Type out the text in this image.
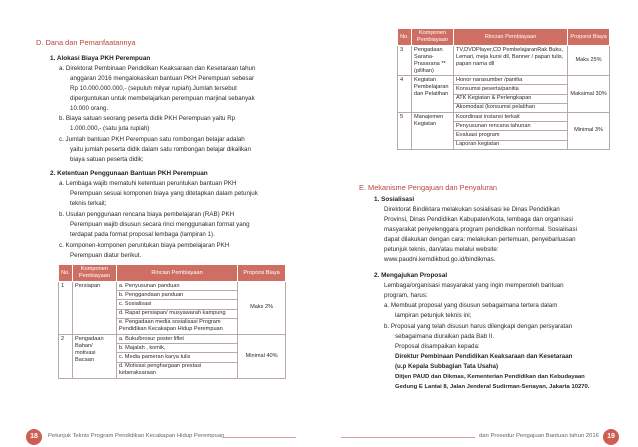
D. Dana dan Pemanfaatannya
1. Alokasi Biaya PKH Perempuan
a. Direktorat Pembinaan Pendidikan Keaksaraan dan Kesetaraan tahun
anggaran 2016 mengalokasikan bantuan PKH Perempuan sebesar
Rp 10.000.000.000,- (sepuluh milyar rupiah).Jumlah tersebut
diperguntukan untuk membelajarkan perempuan marjinal sebanyak
10.000 orang.
b. Biaya satuan seorang peserta didik PKH Perempuan yaitu Rp
1.000.000,- (satu juta rupiah)
c. Jumlah bantuan PKH Perempuan satu rombongan belajar adalah
yaitu jumlah peserta didik dalam satu rombongan belajar dikalikan
biaya satuan peserta didik;
2. Ketentuan Penggunaan Bantuan PKH Perempuan
a. Lembaga wajib mematuhi ketentuan peruntukan bantuan PKH
Perempuan sesuai komponen biaya yang ditetapkan dalam petunjuk
teknis terkait;
b. Usulan penggunaan rencana biaya pembelajaran (RAB) PKH
Perempuan wajib disusun secara rinci menggunakan format yang
terdapat pada format proposal lembaga (lampiran 1).
c. Komponen-komponen peruntukan biaya pembelajaran PKH
Perempuan diatur berikut.
No.	Komponen Pembiayaan	Rincian Pembiayaan	Proporsi Biaya
1	Persiapan	a. Penyusunan panduan	Maks 2%
		b. Penggandaan panduan	
		c. Sosialisasi	
		d. Rapat persiapan/ musyawarah kampung	
		e. Pengadaan media sosialisasi Program Pendidikan Kecakapan Hidup Perempuan	
2	Pengadaan Bahan/ motivasi Bacaan	a. Buku/brosur poster liflet	Minimal 40%
		b. Majalah , komik,	
		c. Media pameran karya tulis	
		d. Motivasi penghargaan prestasi keberaksaraan	
18	Petunjuk Teknis Program Pendidikan Kecakapan Hidup Perempuan
No.	Komponen Pembiayaan	Rincian Pembiayaan	Proporsi Biaya
3	Pengadaan Sarana-Prasarana **(pilihan)	TV,DVDPlayer,CD PembelajaranRak Buku, Lemari, meja kursi dll, Banner / papan tulis, papan nama dll	Maks 25%
4	Kegiatan Pembelajaran dan Pelatihan	Honor narasumber /panitia	Maksimal 30%
		Konsumsi peserta/panitia	
		ATK Kegiatan & Perlengkapan	
		Akomodasi (konsumsi pelatihan	
5	Manajemen Kegiatan	Koordinasi instansi terkait	Minimal 3%
		Penyusunan rencana tahunan	
		Evaluasi program	
		Laporan kegiatan	
E. Mekanisme Pengajuan dan Penyaluran
1. Sosialisasi
Direktorat Bindiktara melakukan sosialisasi ke Dinas Pendidikan
Provinsi, Dinas Pendidikan Kabupaten/Kota, lembaga dan organisasi
masyarakat penyelenggara program pendidikan nonformal. Sosialisasi
dapat dilakukan dengan cara: melakukan pertemuan, penyebarluasan
petunjuk teknis, dan/atau melalui website:
www.paudni.kemdikbud.go.id/bindikmas.
2. Mengajukan Proposal
Lembaga/organisasi masyarakat yang ingin memperoleh bantuan
program, harus:
a. Membuat proposal yang disusun sebagaimana tertera dalam
lampiran petunjuk teknis ini;
b. Proposal yang telah disusun harus dilengkapi dengan persyaratan
sebagaimana diuraikan pada Bab II.
Proposal disampaikan kepada:
Direktur Pembinaan Pendidikan Keaksaraan dan Kesetaraan
(u.p Kepala Subbagian Tata Usaha)
Ditjen PAUD dan Dikmas, Kementerian Pendidikan dan Kebudayaan
Gedung E Lantai 8, Jalan Jenderal Sudirman-Senayan, Jakarta 10270.
dan Prosedur Pengajuan Bantuan tahun 2016	19
